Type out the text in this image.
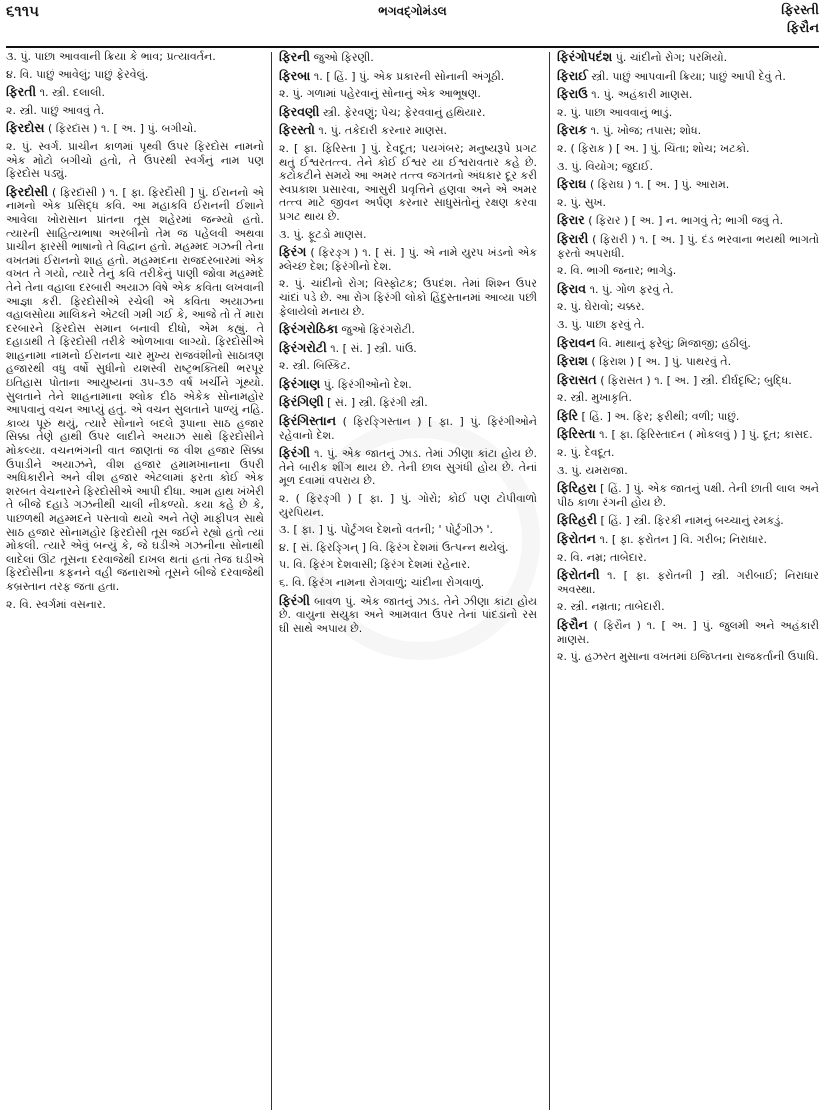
૬૧૧૫	ભગવદ્ગોમંડલ	ફિરસ્તી
ફિરૌન

૩. પું. પાછા આવવાની ક્રિયા કે ભાવ; પ્રત્યાવર્તન.

૪. વિ. પાછું આવેલું; પાછું ફેરવેલું.

ફિરતી ૧. સ્ત્રી. દલાલી.

૨. સ્ત્રી. પાછું આવવું તે.

ફિરદોસ ( ફિરદૉસ ) ૧. [ અ. ] પું. બગીચો.

૨. પું. સ્વર્ગ. પ્રાચીન કાળમાં પૃથ્વી ઉપર ફિરદોસ નામનો એક મોટો બગીચો હતો, તે ઉપરથી સ્વર્ગનું નામ પણ ફિરદોસ પડ્યું.

ફિરદોસી ( ફિરદૉસી ) ૧. [ ફા. ફિરદૌસી ] પું. ઈરાનનો એ નામનો એક પ્રસિદ્ધ કવિ. આ મહાકવિ ઈરાનની ઈશાને આવેલા ખોરાસાન પ્રાંતના તૂસ શહેરમાં જન્મ્યો હતો. ત્યારની સાહિત્યભાષા અરબીનો તેમ જ પહેલવી અથવા પ્રાચીન ફારસી ભાષાનો તે વિદ્વાન હતો. મહમ્મદ ગઝની તેના વખતમાં ઈરાનનો શાહ હતો. મહમ્મદના રાજદરબારમાં એક વખત તે ગયો, ત્યારે તેનું કવિ તરીકેનું પાણી જોવા મહમ્મદે તેને તેના વહાલા દરબારી અયાઝ વિષે એક કવિતા લખવાની આજ્ઞા કરી. ફિરદોસીએ રચેલી એ કવિતા અયાઝના વહાલસોયા માલિકને એટલી ગમી ગઈ કે, આજે તો તેં મારા દરબારને ફિરદોસ સમાન બનાવી દીધો, એમ કહ્યું. તે દહાડાથી તે ફિરદોસી તરીકે ઓળખાવા લાગ્યો. ફિરદોસીએ શાહનામા નામનો ઈરાનના ચાર મુખ્ય રાજવંશીનો સાઠાત્રણ હજારથી વધુ વર્ષો સુધીનો યશસ્વી રાષ્ટ્રભક્તિથી ભરપૂર ઇતિહાસ પોતાના આયુષ્યનાં ૩૫-૩૭ વર્ષ ખર્ચીને ગૂંથ્યો. સુલતાને તેને શાહનામાના શ્લોક દીઠ એકેક સોનામહોર આપવાનું વચન આપ્યું હતું. એ વચન સુલતાને પાળ્યું નહિ. કાવ્ય પૂરું થયું, ત્યારે સોનાને બદલે રૂપાના સાઠ હજાર સિક્કા તેણે હાથી ઉપર લાદીને અયાઝ સાથે ફિરદોસીને મોકલ્યા. વચનભંગની વાત જાણતાં જ વીશ હજાર સિક્કા ઉપાડીને અયાઝને, વીશ હજાર હમામખાનાના ઉપરી અધિકારીને અને વીશ હજાર એટલામાં ફરતા કોઈ એક શરબત વેચનારને ફિરદોસીએ આપી દીધા. આમ હાથ ખંખેરી તે બીજે દહાડે ગઝનીથી ચાલી નીકળ્યો. કયા કહે છે કે, પાછળથી મહમ્મદને પસ્તાવો થયો અને તેણે માફીપત્ર સાથે સાઠ હજાર સોનામહોર ફિરદોસી તૂસ જઈને રહ્યો હતો ત્યાં મોકલી. ત્યારે એવું બન્યું કે, જે ઘડીએ ગઝનીના સોનાથી લાદેલાં ઊંટ તૂસના દરવાજેથી દાખલ થતાં હતાં તેજ ઘડીએ ફિરદોસીના કફનને વહી જનારાઓ તૂસને બીજે દરવાજેથી કબ્રસ્તાન તરફ જતા હતા.

૨. વિ. સ્વર્ગમાં વસનાર.

ફિરની જુઓ ફિરણી.

ફિરબા ૧. [ હિં. ] પું. એક પ્રકારની સોનાની અંગૂઠી.

૨. પું. ગળામાં પહેરવાનું સોનાનું એક આભૂષણ.

ફિરવણી સ્ત્રી. ફેરવણું; પેચ; ફેરવવાનું હથિયાર.

ફિરસ્તો ૧. પું. તકેદારી કરનાર માણસ.

૨. [ ફા. ફિરિસ્તા ] પું. દેવદૂત; પયગંબર; મનુષ્યરૂપે પ્રગટ થતું ઈશ્વરતત્ત્વ. તેને કોઈ ઈશ્વર યા ઈશ્વરાવતાર કહે છે. કટોકટીને સમયે આ અમર તત્ત્વ જગતનો અંધકાર દૂર કરી સ્વપ્રકાશ પ્રસારવા, આસુરી પ્રવૃત્તિને હણવા અને એ અમર તત્ત્વ માટે જીવન અર્પણ કરનાર સાધુસંતોનું રક્ષણ કરવા પ્રગટ થાય છે.

૩. પું. ફૂટડો માણસ.

ફિરંગ ( ફિરઙ્ગ ) ૧. [ સં. ] પું. એ નામે યુરપ ખંડનો એક મ્લેચ્છ દેશ; ફિરંગીનો દેશ.

૨. પું. ચાંદીનો રોગ; વિસ્ફોટક; ઉપદંશ. તેમાં શિશ્ન ઉપર ચાંદાં પડે છે. આ રોગ ફિરંગી લોકો હિંદુસ્તાનમાં આવ્યા પછી ફેલાયેલો મનાય છે.

ફિરંગરોઠિકા જુઓ ફિરંગરોટી.

ફિરંગરોટી ૧. [ સં. ] સ્ત્રી. પાંઉ.

૨. સ્ત્રી. બિસ્કિટ.

ફિરંગાણ પું. ફિરંગીઓનો દેશ.

ફિરંગિણી [ સં. ] સ્ત્રી. ફિરંગી સ્ત્રી.

ફિરંગિસ્તાન ( ફિરઙ્ગિસ્તાન ) [ ફા. ] પું. ફિરંગીઓને રહેવાનો દેશ.

ફિરંગી ૧. પું. એક જાતનું ઝાડ. તેમાં ઝીણા કાંટા હોય છે. તેને બારીક શીંગ થાય છે. તેની છાલ સુગંધી હોય છે. તેનાં મૂળ દવામાં વપરાય છે.

૨. ( ફિરઙ્ગી ) [ ફા. ] પું. ગોરો; કોઈ પણ ટોપીવાળો યુરપિયન.

૩. [ ફા. ] પું. પોર્ટુગલ દેશનો વતની; ' પોર્ટુગીઝ '.

૪. [ સં. ફિરઙ્ગિન્ ] વિ. ફિરંગ દેશમાં ઉત્પન્ન થયેલું.

૫. વિ. ફિરંગ દેશવાસી; ફિરંગ દેશમાં રહેનાર.

૬. વિ. ફિરંગ નામના રોગવાળું; ચાંદીના રોગવાળું.

ફિરંગી બાવળ પું. એક જાતનું ઝાડ. તેને ઝીણા કાંટા હોય છે. વાયુના સયુકા અને આમવાત ઉપર તેનાં પાંદડાંનો રસ ઘી સાથે અપાય છે.

ફિરંગોપદંશ પું. ચાંદીનો રોગ; પરમિયો.

ફિરાઈ સ્ત્રી. પાછું આપવાની ક્રિયા; પાછું આપી દેવું તે.

ફિરાઉ ૧. પું. અહંકારી માણસ.

૨. પું. પાછા આવવાનું ભાડું.

ફિરાક ૧. પું. ખોજ; તપાસ; શોધ.

૨. ( ફિરાક઼ ) [ અ. ] પું. ચિંતા; શોચ; ખટકો.

૩. પું. વિયોગ; જુદાઈ.

ફિરાઘ ( ફિરાઘ ) ૧. [ અ. ] પું. આરામ.

૨. પું. સુખ.

ફિરાર ( ફિરાર ) [ અ. ] ન. ભાગવું તે; ભાગી જવું તે.

ફિરારી ( ફિરારી ) ૧. [ અ. ] પું. દંડ ભરવાના ભયથી ભાગતો ફરતો અપરાધી.

૨. વિ. ભાગી જનાર; ભાગેડુ.

ફિરાવ ૧. પું. ગોળ ફરવું તે.

૨. પું. ઘેરાવો; ચક્કર.

૩. પું. પાછા ફરવું તે.

ફિરાવન વિ. માથાનું ફરેલું; મિજાજી; હઠીલું.

ફિરાશ ( ફિરાશ ) [ અ. ] પું. પાથરવું તે.

ફિરાસત ( ફિરાસત ) ૧. [ અ. ] સ્ત્રી. દીર્ઘદૃષ્ટિ; બુદ્ધિ.

૨. સ્ત્રી. મુખાકૃતિ.

ફિરિ [ હિં. ] અ. ફિર; ફરીથી; વળી; પાછું.

ફિરિસ્તા ૧. [ ફા. ફિરિસ્તાદન ( મોકલવું ) ] પું. દૂત; કાસદ.

૨. પું. દેવદૂત.

૩. પું. યમરાજા.

ફિરિહરા [ હિં. ] પું. એક જાતનું પક્ષી. તેની છાતી લાલ અને પીઠ કાળા રંગની હોય છે.

ફિરિહરી [ હિં. ] સ્ત્રી. ફિરકી નામનું બચ્ચાનું રમકડું.

ફિરોતન ૧. [ ફા. ફરોતન ] વિ. ગરીબ; નિરાધાર.

૨. વિ. નમ્ર; તાબેદાર.

ફિરોતની ૧. [ ફા. ફરોતની ] સ્ત્રી. ગરીબાઈ; નિરાધાર અવસ્થા.

૨. સ્ત્રી. નમ્રતા; તાબેદારી.

ફિરૌન ( ફિરૌન ) ૧. [ અ. ] પું. જુલમી અને અહંકારી માણસ.

૨. પું. હઝરત મુસાના વખતમાં ઇજિપ્તના રાજકર્તાની ઉપાધિ.
